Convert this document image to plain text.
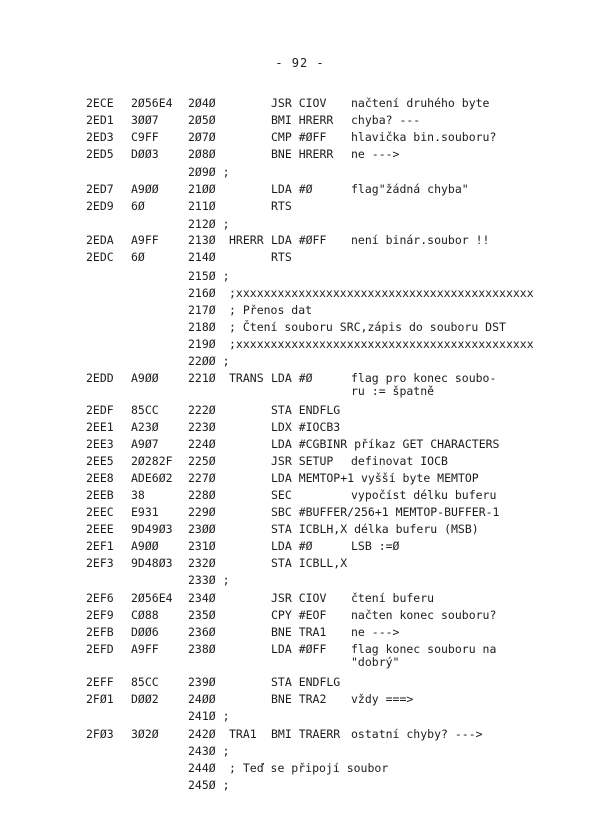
- 92 -
2ECE 2Ø56E4 2Ø4Ø	JSR CIOV načtení druhého byte
2ED1 3ØØ7	2Ø5Ø	BMI HRERR chyba? ---
2ED3 C9FF	2Ø7Ø	CMP #ØFF hlavička bin.souboru?
2ED5 DØØ3	2Ø8Ø	BNE HRERR ne --->
2Ø9Ø ;
2ED7 A9ØØ	21ØØ	LDA #Ø	flag"žádná chyba"
2ED9 6Ø	211Ø	RTS
212Ø ;
2EDA A9FF	213Ø HRERR LDA #ØFF není binár.soubor !!
2EDC 6Ø	214Ø	RTS
215Ø ;
216Ø ;xxxxxxxxxxxxxxxxxxxxxxxxxxxxxxxxxxxxxxxxxxx
217Ø ; Přenos dat
218Ø ; Čtení souboru SRC,zápis do souboru DST
219Ø ;xxxxxxxxxxxxxxxxxxxxxxxxxxxxxxxxxxxxxxxxxxx
22ØØ ;
2EDD A9ØØ	221Ø TRANS LDA #Ø	flag pro konec soubo-
ru := špatně
2EDF 85CC	222Ø	STA ENDFLG
2EE1 A23Ø	223Ø	LDX #IOCB3
2EE3 A9Ø7	224Ø	LDA #CGBINR příkaz GET CHARACTERS
2EE5 2Ø282F 225Ø	JSR SETUP definovat IOCB
2EE8 ADE6Ø2 227Ø	LDA MEMTOP+1 vyšší byte MEMTOP
2EEB 38	228Ø	SEC	vypočíst délku buferu
2EEC E931	229Ø	SBC #BUFFER/256+1 MEMTOP-BUFFER-1
2EEE 9D49Ø3 23ØØ	STA ICBLH,X délka buferu (MSB)
2EF1 A9ØØ	231Ø	LDA #Ø	LSB :=Ø
2EF3 9D48Ø3 232Ø	STA ICBLL,X
233Ø ;
2EF6 2Ø56E4 234Ø	JSR CIOV čtení buferu
2EF9 CØ88	235Ø	CPY #EOF načten konec souboru?
2EFB DØØ6	236Ø	BNE TRA1 ne --->
2EFD A9FF	238Ø	LDA #ØFF flag konec souboru na
"dobrý"
2EFF 85CC	239Ø	STA ENDFLG
2FØ1 DØØ2	24ØØ	BNE TRA2 vždy ===>
241Ø ;
2FØ3 3Ø2Ø	242Ø TRA1 BMI TRAERR ostatní chyby? --->
243Ø ;
244Ø ; Teď se připojí soubor
245Ø ;
